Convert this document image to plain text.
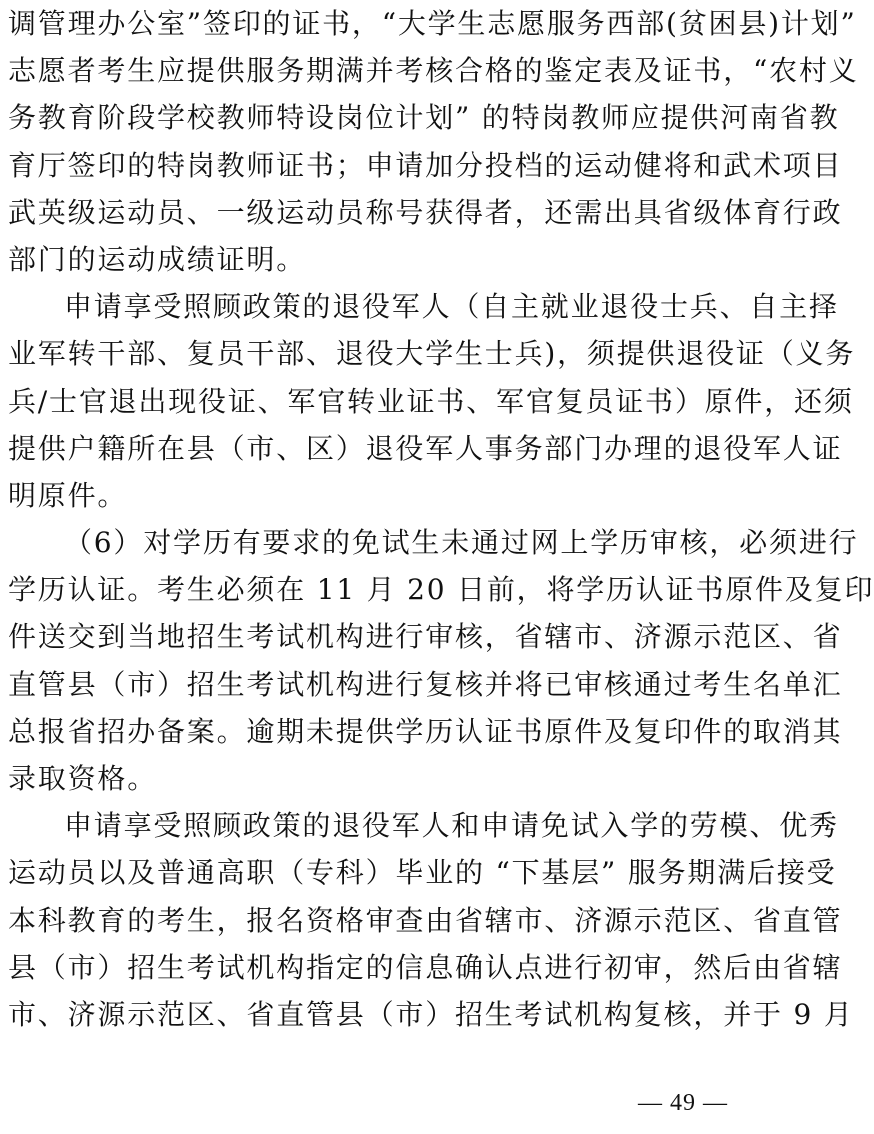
调管理办公室”签印的证书，“大学生志愿服务西部(贫困县)计划”
志愿者考生应提供服务期满并考核合格的鉴定表及证书，“农村义
务教育阶段学校教师特设岗位计划” 的特岗教师应提供河南省教
育厅签印的特岗教师证书；申请加分投档的运动健将和武术项目
武英级运动员、一级运动员称号获得者，还需出具省级体育行政
部门的运动成绩证明。
申请享受照顾政策的退役军人（自主就业退役士兵、自主择
业军转干部、复员干部、退役大学生士兵)，须提供退役证（义务
兵/士官退出现役证、军官转业证书、军官复员证书）原件，还须
提供户籍所在县（市、区）退役军人事务部门办理的退役军人证
明原件。
（6）对学历有要求的免试生未通过网上学历审核，必须进行
学历认证。考生必须在 11 月 20 日前，将学历认证书原件及复印
件送交到当地招生考试机构进行审核，省辖市、济源示范区、省
直管县（市）招生考试机构进行复核并将已审核通过考生名单汇
总报省招办备案。逾期未提供学历认证书原件及复印件的取消其
录取资格。
申请享受照顾政策的退役军人和申请免试入学的劳模、优秀
运动员以及普通高职（专科）毕业的 “下基层” 服务期满后接受
本科教育的考生，报名资格审查由省辖市、济源示范区、省直管
县（市）招生考试机构指定的信息确认点进行初审，然后由省辖
市、济源示范区、省直管县（市）招生考试机构复核，并于 9 月
— 49 —
